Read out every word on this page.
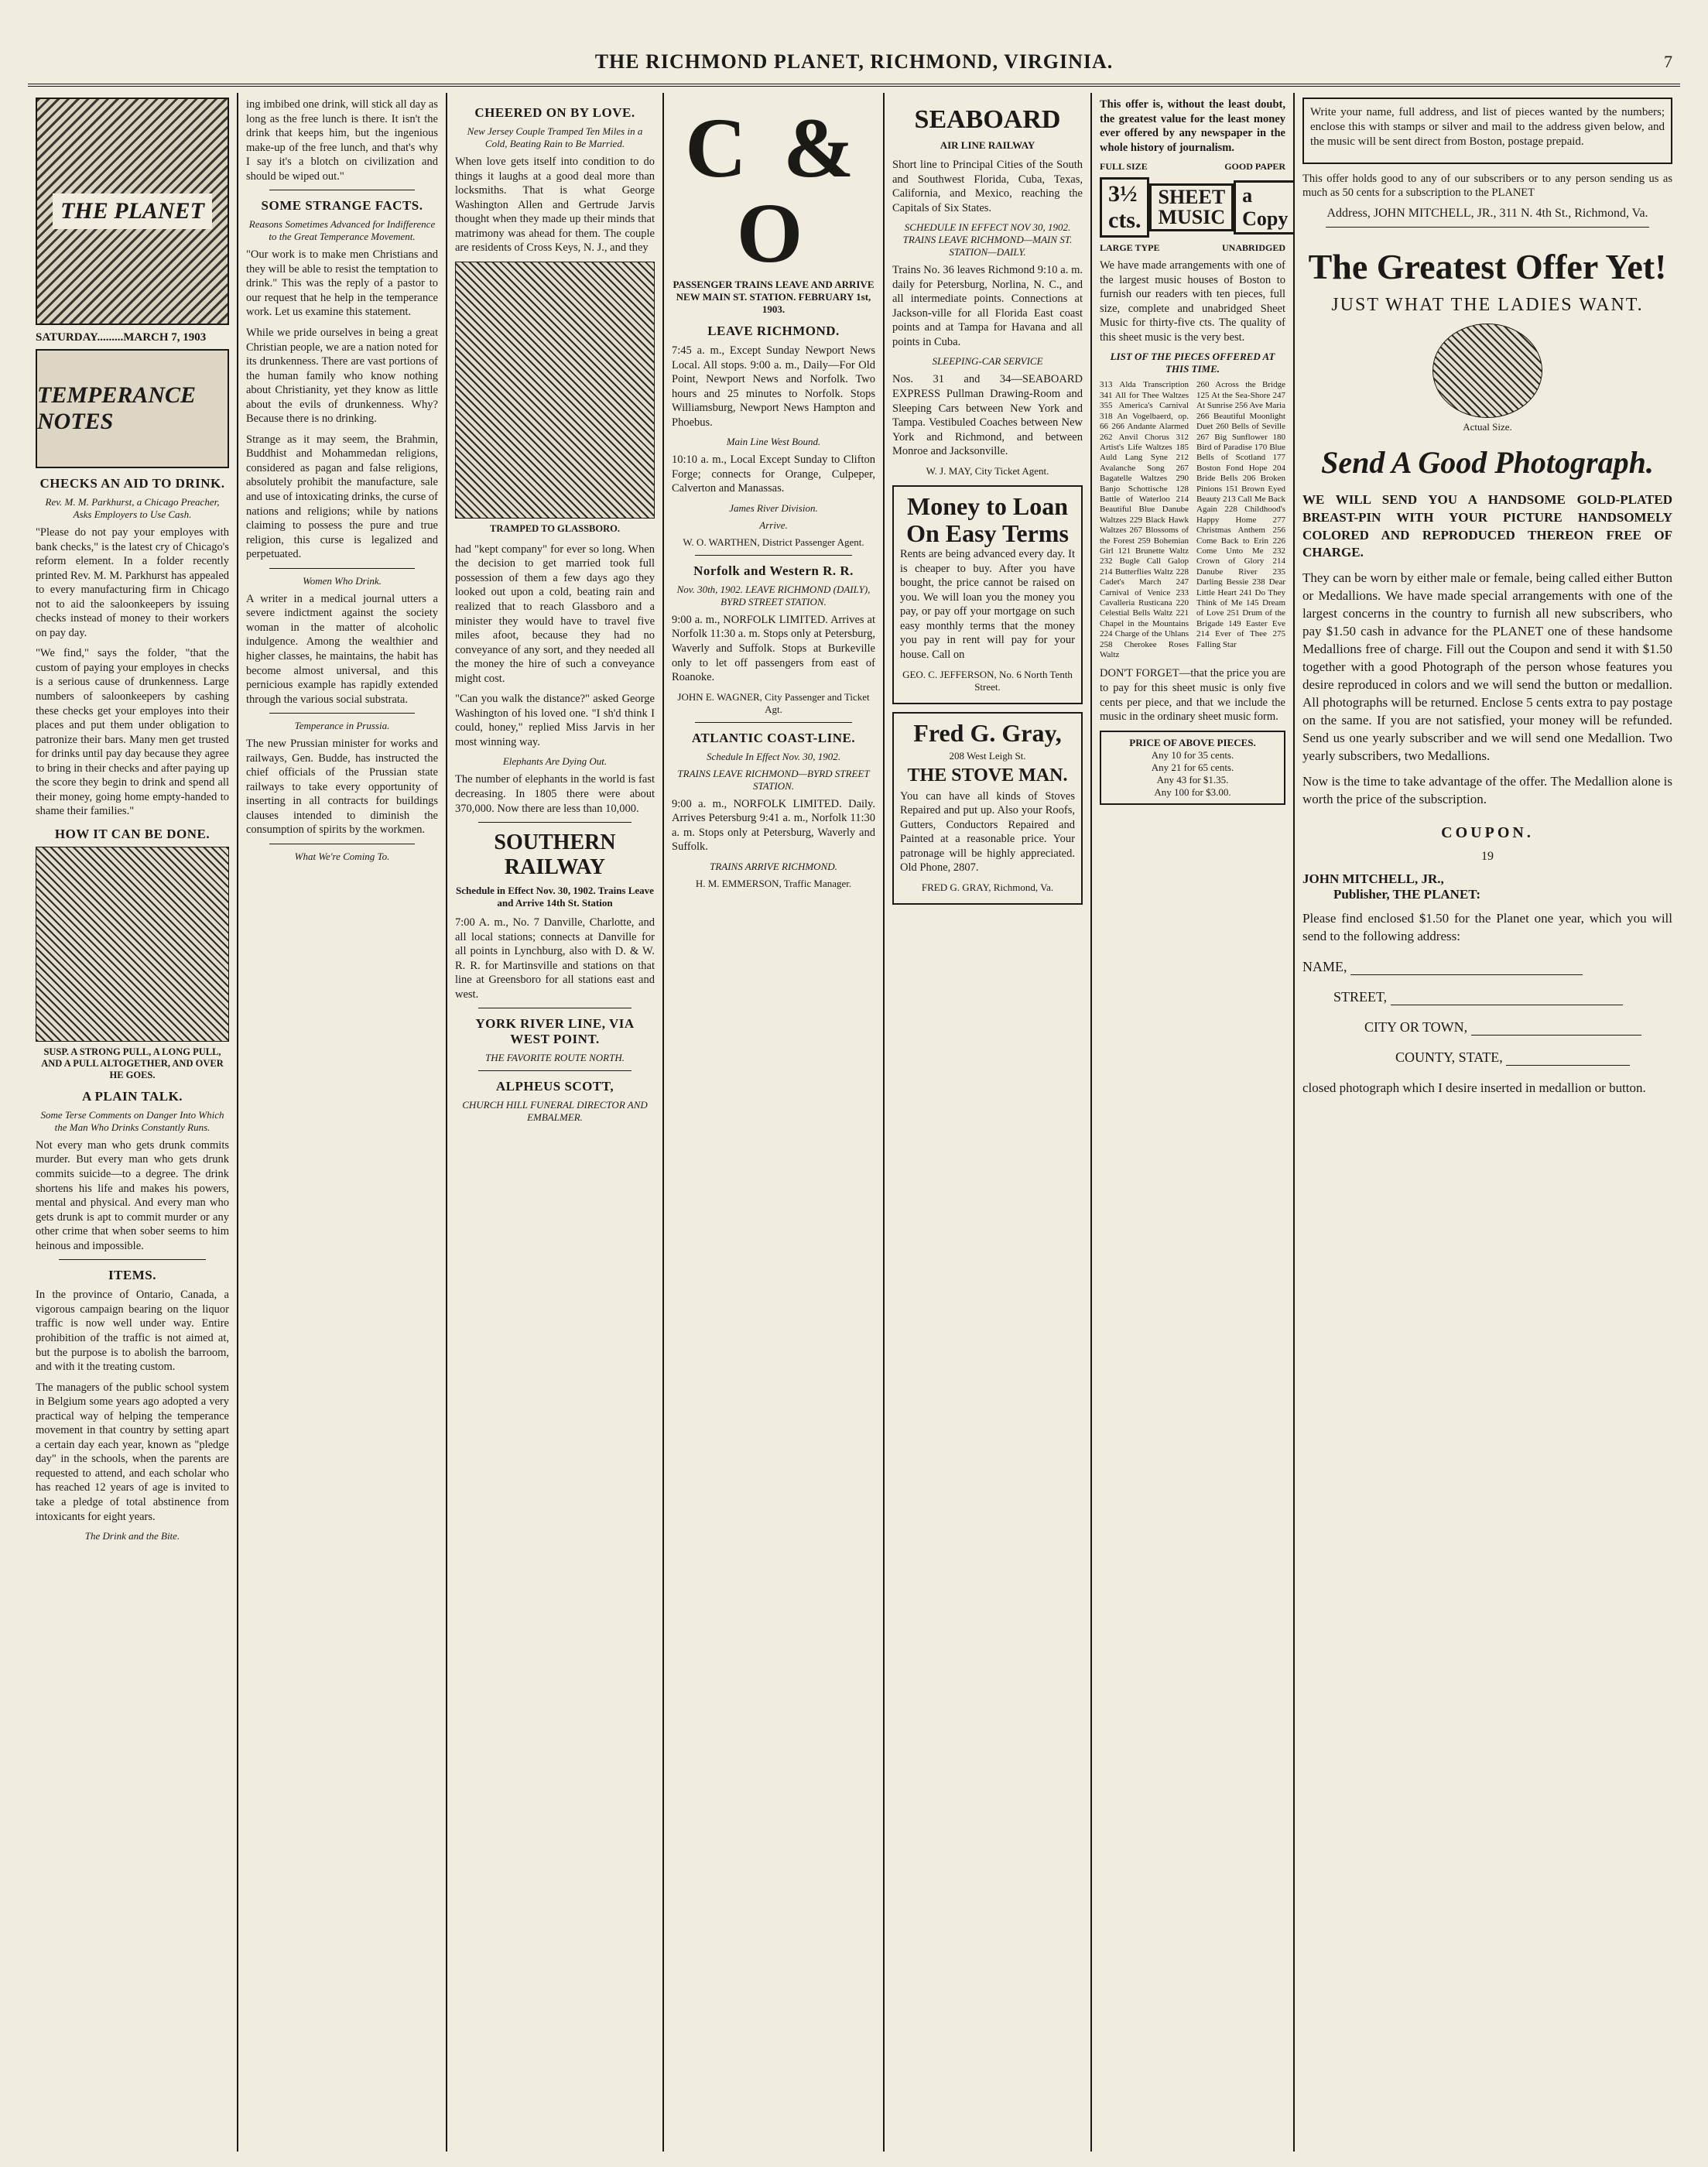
THE RICHMOND PLANET, RICHMOND, VIRGINIA.	7
THE PLANET
SATURDAY.........MARCH 7, 1903
TEMPERANCE NOTES
CHECKS AN AID TO DRINK.
Rev. M. M. Parkhurst, a Chicago Preacher, Asks Employers to Use Cash.

"Please do not pay your employes with bank checks," is the latest cry of Chicago's reform element. In a folder recently printed Rev. M. M. Parkhurst has appealed to every manufacturing firm in Chicago not to aid the saloonkeepers by issuing checks instead of money to their workers on pay day.

"We find," says the folder, "that the custom of paying your employes in checks is a serious cause of drunkenness. Large numbers of saloonkeepers by cashing these checks get your employes into their places and put them under obligation to patronize their bars. Many men get trusted for drinks until pay day because they agree to bring in their checks and after paying up the score they begin to drink and spend all their money, going home empty-handed to shame their families."

HOW IT CAN BE DONE.
SUSP. A STRONG PULL, A LONG PULL, AND A PULL ALTOGETHER, AND OVER HE GOES.
A PLAIN TALK.
Some Terse Comments on Danger Into Which the Man Who Drinks Constantly Runs.

Not every man who gets drunk commits murder. But every man who gets drunk commits suicide—to a degree. The drink shortens his life and makes his powers, mental and physical. And every man who gets drunk is apt to commit murder or any other crime that when sober seems to him heinous and impossible.

ITEMS.

In the province of Ontario, Canada, a vigorous campaign bearing on the liquor traffic is now well under way. Entire prohibition of the traffic is not aimed at, but the purpose is to abolish the barroom, and with it the treating custom.

The managers of the public school system in Belgium some years ago adopted a very practical way of helping the temperance movement in that country by setting apart a certain day each year, known as "pledge day" in the schools, when the parents are requested to attend, and each scholar who has reached 12 years of age is invited to take a pledge of total abstinence from intoxicants for eight years.

The Drink and the Bite.

ing imbibed one drink, will stick all day as long as the free lunch is there. It isn't the drink that keeps him, but the ingenious make-up of the free lunch, and that's why I say it's a blotch on civilization and should be wiped out."

SOME STRANGE FACTS.
Reasons Sometimes Advanced for Indifference to the Great Temperance Movement.

"Our work is to make men Christians and they will be able to resist the temptation to drink." This was the reply of a pastor to our request that he help in the temperance work. Let us examine this statement.

While we pride ourselves in being a great Christian people, we are a nation noted for its drunkenness. There are vast portions of the human family who know nothing about Christianity, yet they know as little about the evils of drunkenness. Why? Because there is no drinking.

Strange as it may seem, the Brahmin, Buddhist and Mohammedan religions, considered as pagan and false religions, absolutely prohibit the manufacture, sale and use of intoxicating drinks, the curse of nations and religions; while by nations claiming to possess the pure and true religion, this curse is legalized and perpetuated.

Women Who Drink.

A writer in a medical journal utters a severe indictment against the society woman in the matter of alcoholic indulgence. Among the wealthier and higher classes, he maintains, the habit has become almost universal, and this pernicious example has rapidly extended through the various social substrata.

Temperance in Prussia.

The new Prussian minister for works and railways, Gen. Budde, has instructed the chief officials of the Prussian state railways to take every opportunity of inserting in all contracts for buildings clauses intended to diminish the consumption of spirits by the workmen.

What We're Coming To.
CHEERED ON BY LOVE.
New Jersey Couple Tramped Ten Miles in a Cold, Beating Rain to Be Married.

When love gets itself into condition to do things it laughs at a good deal more than locksmiths. That is what George Washington Allen and Gertrude Jarvis thought when they made up their minds that matrimony was ahead for them. The couple are residents of Cross Keys, N. J., and they

TRAMPED TO GLASSBORO.

had "kept company" for ever so long. When the decision to get married took full possession of them a few days ago they looked out upon a cold, beating rain and realized that to reach Glassboro and a minister they would have to travel five miles afoot, because they had no conveyance of any sort, and they needed all the money the hire of such a conveyance might cost.

"Can you walk the distance?" asked George Washington of his loved one. "I sh'd think I could, honey," replied Miss Jarvis in her most winning way.

Elephants Are Dying Out.

The number of elephants in the world is fast decreasing. In 1805 there were about 370,000. Now there are less than 10,000.

SOUTHERN RAILWAY
Schedule in Effect Nov. 30, 1902. Trains Leave and Arrive 14th St. Station

7:00 A. m., No. 7 Danville, Charlotte, and all local stations; connects at Danville for all points in Lynchburg, also with D. & W. R. R. for Martinsville and stations on that line at Greensboro for all stations east and west.

YORK RIVER LINE, VIA WEST POINT.
THE FAVORITE ROUTE NORTH.
ALPHEUS SCOTT,
CHURCH HILL FUNERAL DIRECTOR AND EMBALMER.
C & O
PASSENGER TRAINS LEAVE AND ARRIVE NEW MAIN ST. STATION. FEBRUARY 1st, 1903.
LEAVE RICHMOND.

7:45 a. m., Except Sunday Newport News Local. All stops. 9:00 a. m., Daily—For Old Point, Newport News and Norfolk. Two hours and 25 minutes to Norfolk. Stops Williamsburg, Newport News Hampton and Phoebus.

Main Line West Bound.

10:10 a. m., Local Except Sunday to Clifton Forge; connects for Orange, Culpeper, Calverton and Manassas.

James River Division.
Arrive.
W. O. WARTHEN, District Passenger Agent.
Norfolk and Western R. R.
Nov. 30th, 1902. LEAVE RICHMOND (DAILY), BYRD STREET STATION.

9:00 a. m., NORFOLK LIMITED. Arrives at Norfolk 11:30 a. m. Stops only at Petersburg, Waverly and Suffolk. Stops at Burkeville only to let off passengers from east of Roanoke.

JOHN E. WAGNER, City Passenger and Ticket Agt.
ATLANTIC COAST-LINE.
Schedule In Effect Nov. 30, 1902.
TRAINS LEAVE RICHMOND—BYRD STREET STATION.

9:00 a. m., NORFOLK LIMITED. Daily. Arrives Petersburg 9:41 a. m., Norfolk 11:30 a. m. Stops only at Petersburg, Waverly and Suffolk.

TRAINS ARRIVE RICHMOND.
H. M. EMMERSON, Traffic Manager.
SEABOARD
AIR LINE RAILWAY

Short line to Principal Cities of the South and Southwest Florida, Cuba, Texas, California, and Mexico, reaching the Capitals of Six States.

SCHEDULE IN EFFECT NOV 30, 1902. TRAINS LEAVE RICHMOND—MAIN ST. STATION—DAILY.

Trains No. 36 leaves Richmond 9:10 a. m. daily for Petersburg, Norlina, N. C., and all intermediate points. Connections at Jackson-ville for all Florida East coast points and at Tampa for Havana and all points in Cuba.

SLEEPING-CAR SERVICE

Nos. 31 and 34—SEABOARD EXPRESS Pullman Drawing-Room and Sleeping Cars between New York and Tampa. Vestibuled Coaches between New York and Richmond, and between Monroe and Jacksonville.

W. J. MAY, City Ticket Agent.
Money to Loan On Easy Terms

Rents are being advanced every day. It is cheaper to buy. After you have bought, the price cannot be raised on you. We will loan you the money you pay, or pay off your mortgage on such easy monthly terms that the money you pay in rent will pay for your house. Call on

GEO. C. JEFFERSON, No. 6 North Tenth Street.
Fred G. Gray,
208 West Leigh St.
THE STOVE MAN.

You can have all kinds of Stoves Repaired and put up. Also your Roofs, Gutters, Conductors Repaired and Painted at a reasonable price. Your patronage will be highly appreciated. Old Phone, 2807.

FRED G. GRAY, Richmond, Va.

This offer is, without the least doubt, the greatest value for the least money ever offered by any newspaper in the whole history of journalism.

FULL SIZE	GOOD PAPER
3½ cts.
SHEET MUSIC
a Copy
LARGE TYPE	UNABRIDGED

We have made arrangements with one of the largest music houses of Boston to furnish our readers with ten pieces, full size, complete and unabridged Sheet Music for thirty-five cts. The quality of this sheet music is the very best.

LIST OF THE PIECES OFFERED AT THIS TIME.

313 Alda Transcription 341 All for Thee Waltzes 355 America's Carnival 318 An Vogelbaerd, op. 66 266 Andante Alarmed 262 Anvil Chorus 312 Artist's Life Waltzes 185 Auld Lang Syne 212 Avalanche Song 267 Bagatelle Waltzes 290 Banjo Schottische 128 Battle of Waterloo 214 Beautiful Blue Danube Waltzes 229 Black Hawk Waltzes 267 Blossoms of the Forest 259 Bohemian Girl 121 Brunette Waltz 232 Bugle Call Galop 214 Butterflies Waltz 228 Cadet's March 247 Carnival of Venice 233 Cavalleria Rusticana 220 Celestial Bells Waltz 221 Chapel in the Mountains 224 Charge of the Uhlans 258 Cherokee Roses Waltz

260 Across the Bridge 125 At the Sea-Shore 247 At Sunrise 256 Ave Maria 266 Beautiful Moonlight Duet 260 Bells of Seville 267 Big Sunflower 180 Bird of Paradise 170 Blue Bells of Scotland 177 Boston Fond Hope 204 Bride Bells 206 Broken Pinions 151 Brown Eyed Beauty 213 Call Me Back Again 228 Childhood's Happy Home 277 Christmas Anthem 256 Come Back to Erin 226 Come Unto Me 232 Crown of Glory 214 Danube River 235 Darling Bessie 238 Dear Little Heart 241 Do They Think of Me 145 Dream of Love 251 Drum of the Brigade 149 Easter Eve 214 Ever of Thee 275 Falling Star

DON'T FORGET—that the price you are to pay for this sheet music is only five cents per piece, and that we include the music in the ordinary sheet music form.

PRICE OF ABOVE PIECES.
Any 10 for 35 cents.
Any 21 for 65 cents.
Any 43 for $1.35.
Any 100 for $3.00.

Write your name, full address, and list of pieces wanted by the numbers; enclose this with stamps or silver and mail to the address given below, and the music will be sent direct from Boston, postage prepaid.

This offer holds good to any of our subscribers or to any person sending us as much as 50 cents for a subscription to the PLANET

Address, JOHN MITCHELL, JR., 311 N. 4th St., Richmond, Va.
The Greatest Offer Yet!
JUST WHAT THE LADIES WANT.
Actual Size.
Send A Good Photograph.

WE WILL SEND YOU A HANDSOME GOLD-PLATED BREAST-PIN WITH YOUR PICTURE HANDSOMELY COLORED AND REPRODUCED THEREON FREE OF CHARGE.

They can be worn by either male or female, being called either Button or Medallions. We have made special arrangements with one of the largest concerns in the country to furnish all new subscribers, who pay $1.50 cash in advance for the PLANET one of these handsome Medallions free of charge. Fill out the Coupon and send it with $1.50 together with a good Photograph of the person whose features you desire reproduced in colors and we will send the button or medallion. All photographs will be returned. Enclose 5 cents extra to pay postage on the same. If you are not satisfied, your money will be refunded. Send us one yearly subscriber and we will send one Medallion. Two yearly subscribers, two Medallions.

Now is the time to take advantage of the offer. The Medallion alone is worth the price of the subscription.

COUPON.
19
JOHN MITCHELL, JR.,
Publisher, THE PLANET:

Please find enclosed $1.50 for the Planet one year, which you will send to the following address:

NAME,
STREET,
CITY OR TOWN,
COUNTY, STATE,

closed photograph which I desire inserted in medallion or button.
